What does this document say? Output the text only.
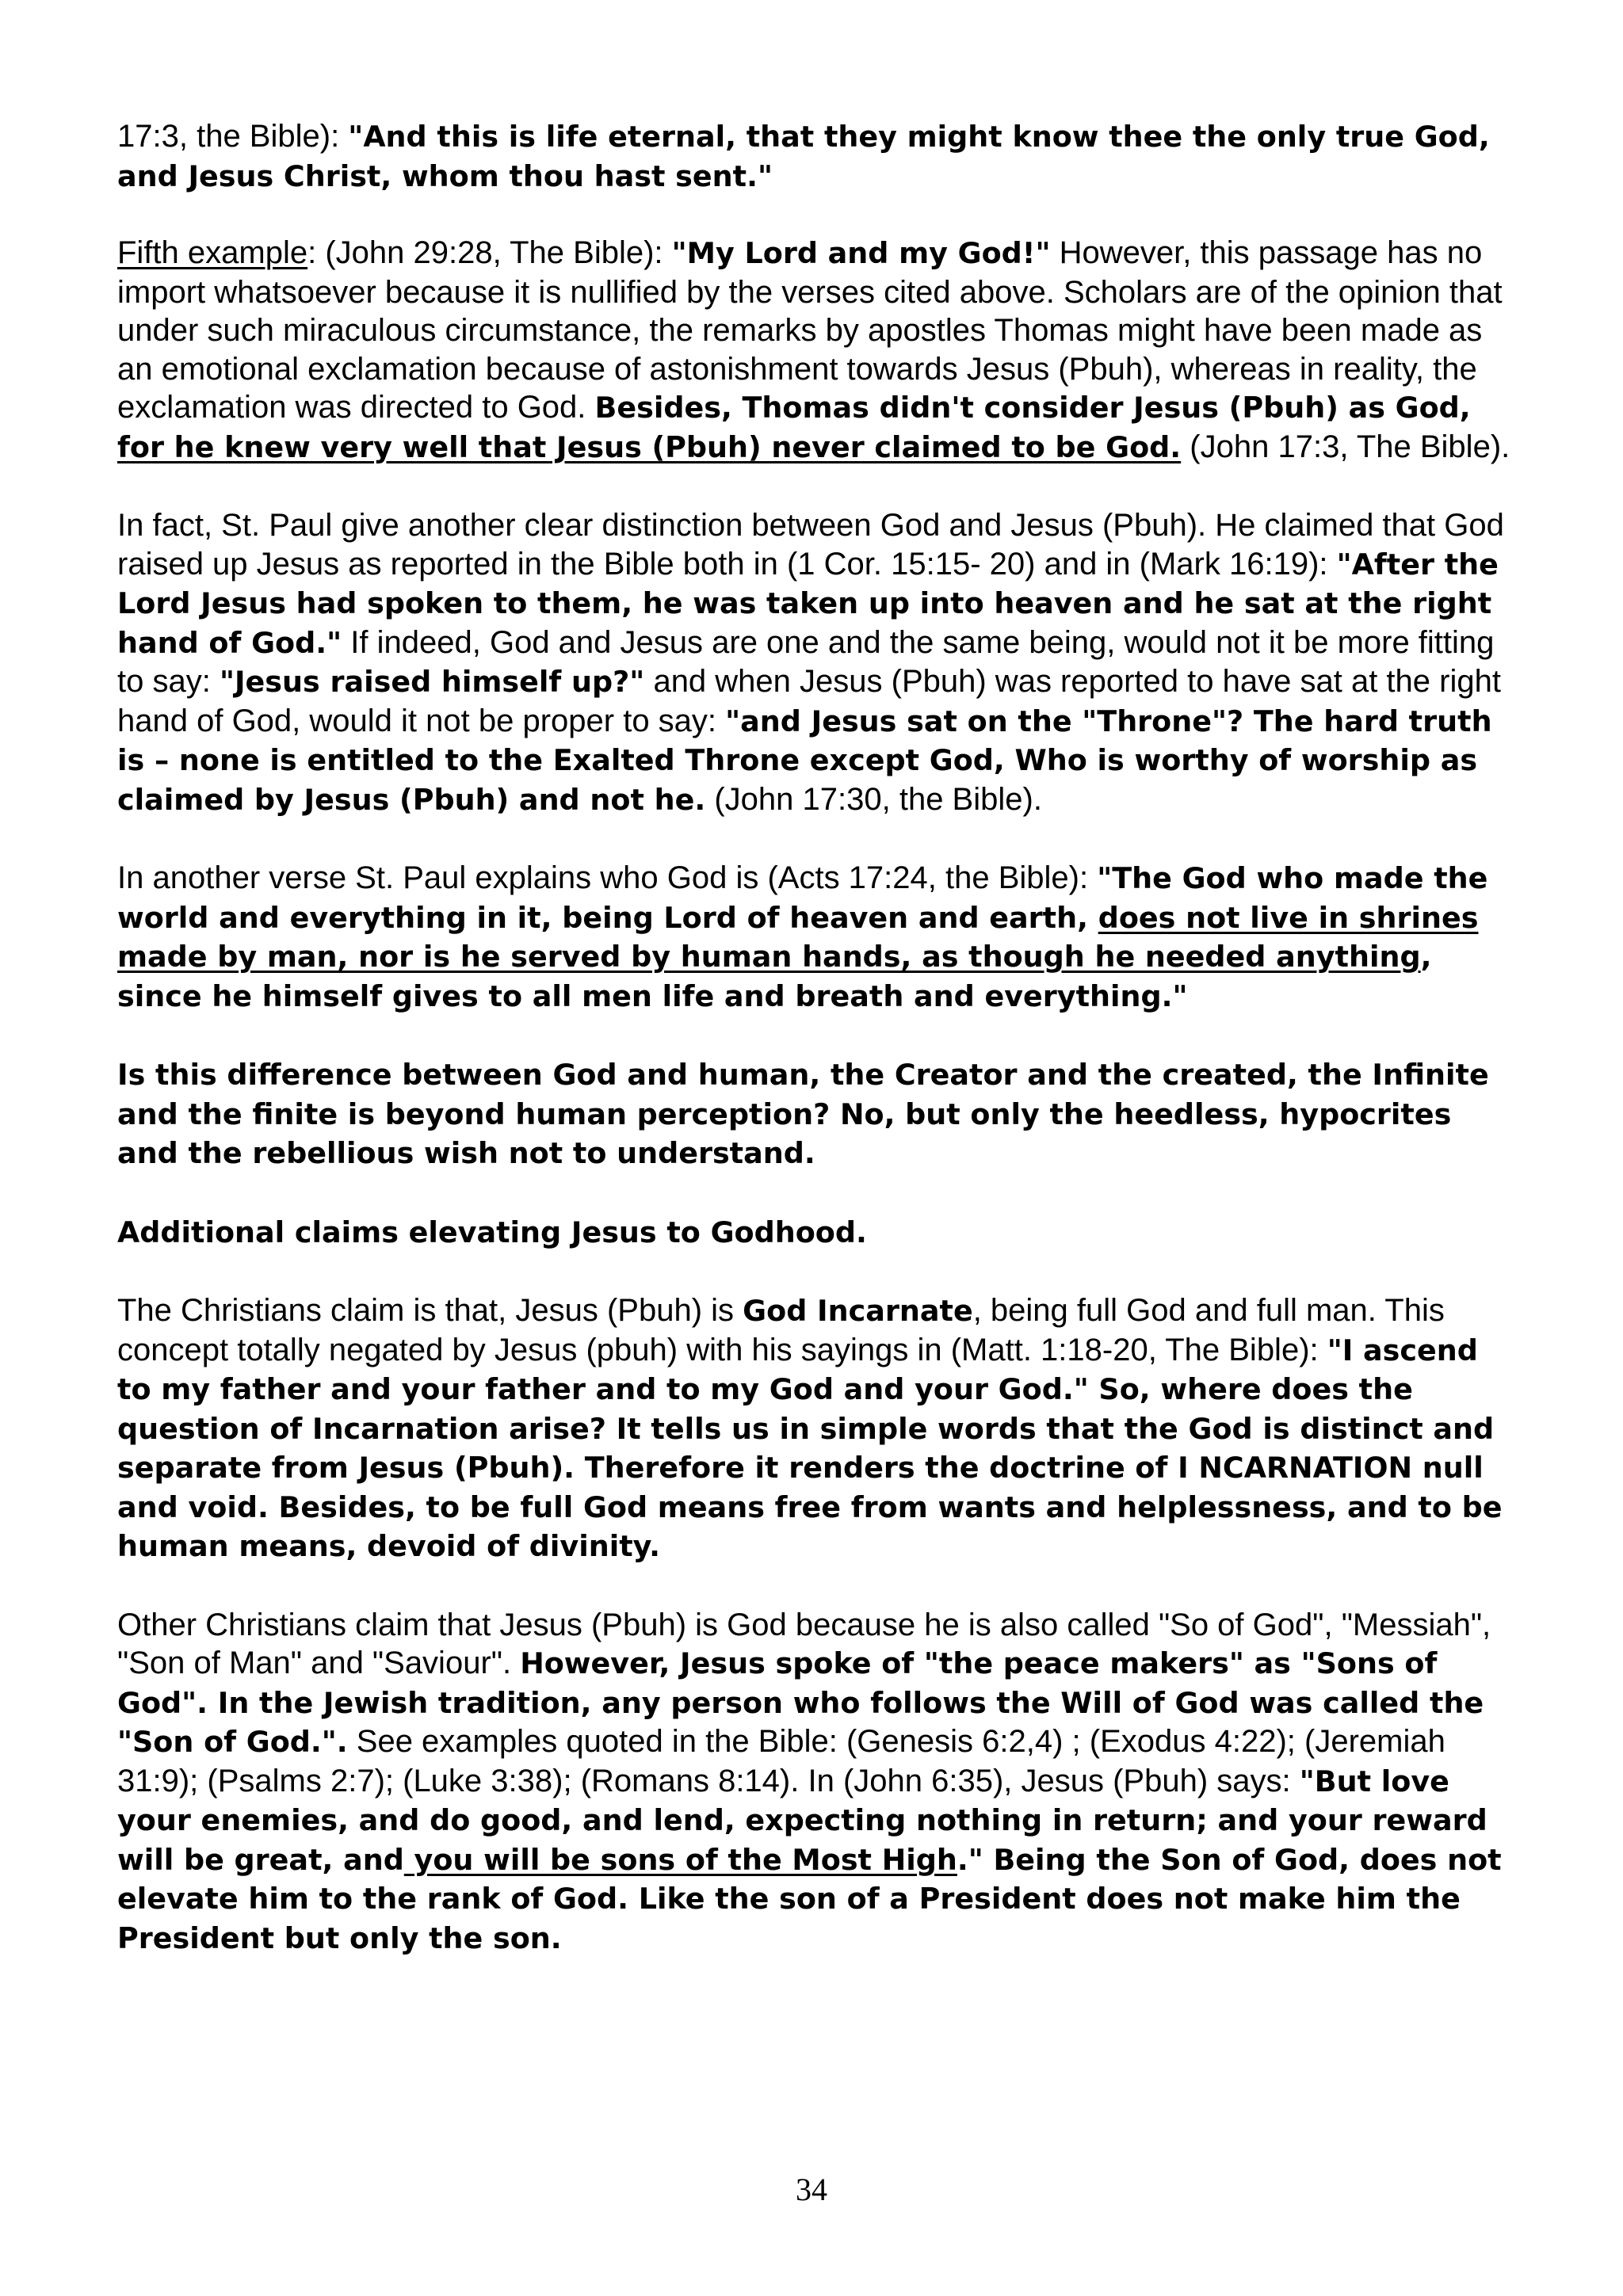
17:3, the Bible): "And this is life eternal, that they might know thee the only true God, and Jesus Christ, whom thou hast sent."

Fifth example: (John 29:28, The Bible): "My Lord and my God!" However, this passage has no import whatsoever because it is nullified by the verses cited above. Scholars are of the opinion that under such miraculous circumstance, the remarks by apostles Thomas might have been made as an emotional exclamation because of astonishment towards Jesus (Pbuh), whereas in reality, the exclamation was directed to God. Besides, Thomas didn't consider Jesus (Pbuh) as God, for he knew very well that Jesus (Pbuh) never claimed to be God. (John 17:3, The Bible).

In fact, St. Paul give another clear distinction between God and Jesus (Pbuh). He claimed that God raised up Jesus as reported in the Bible both in (1 Cor. 15:15- 20) and in (Mark 16:19): "After the Lord Jesus had spoken to them, he was taken up into heaven and he sat at the right hand of God." If indeed, God and Jesus are one and the same being, would not it be more fitting to say: "Jesus raised himself up?" and when Jesus (Pbuh) was reported to have sat at the right hand of God, would it not be proper to say: "and Jesus sat on the "Throne"? The hard truth is – none is entitled to the Exalted Throne except God, Who is worthy of worship as claimed by Jesus (Pbuh) and not he. (John 17:30, the Bible).

In another verse St. Paul explains who God is (Acts 17:24, the Bible): "The God who made the world and everything in it, being Lord of heaven and earth, does not live in shrines made by man, nor is he served by human hands, as though he needed anything, since he himself gives to all men life and breath and everything."

Is this difference between God and human, the Creator and the created, the Infinite and the finite is beyond human perception? No, but only the heedless, hypocrites and the rebellious wish not to understand.

Additional claims elevating Jesus to Godhood.

The Christians claim is that, Jesus (Pbuh) is God Incarnate, being full God and full man. This concept totally negated by Jesus (pbuh) with his sayings in (Matt. 1:18-20, The Bible): "I ascend to my father and your father and to my God and your God." So, where does the question of Incarnation arise? It tells us in simple words that the God is distinct and separate from Jesus (Pbuh). Therefore it renders the doctrine of I NCARNATION null and void. Besides, to be full God means free from wants and helplessness, and to be human means, devoid of divinity.

Other Christians claim that Jesus (Pbuh) is God because he is also called "So of God", "Messiah", "Son of Man" and "Saviour". However, Jesus spoke of "the peace makers" as "Sons of God". In the Jewish tradition, any person who follows the Will of God was called the "Son of God.". See examples quoted in the Bible: (Genesis 6:2,4) ; (Exodus 4:22); (Jeremiah 31:9); (Psalms 2:7); (Luke 3:38); (Romans 8:14). In (John 6:35), Jesus (Pbuh) says: "But love your enemies, and do good, and lend, expecting nothing in return; and your reward will be great, and you will be sons of the Most High." Being the Son of God, does not elevate him to the rank of God. Like the son of a President does not make him the President but only the son.

34
